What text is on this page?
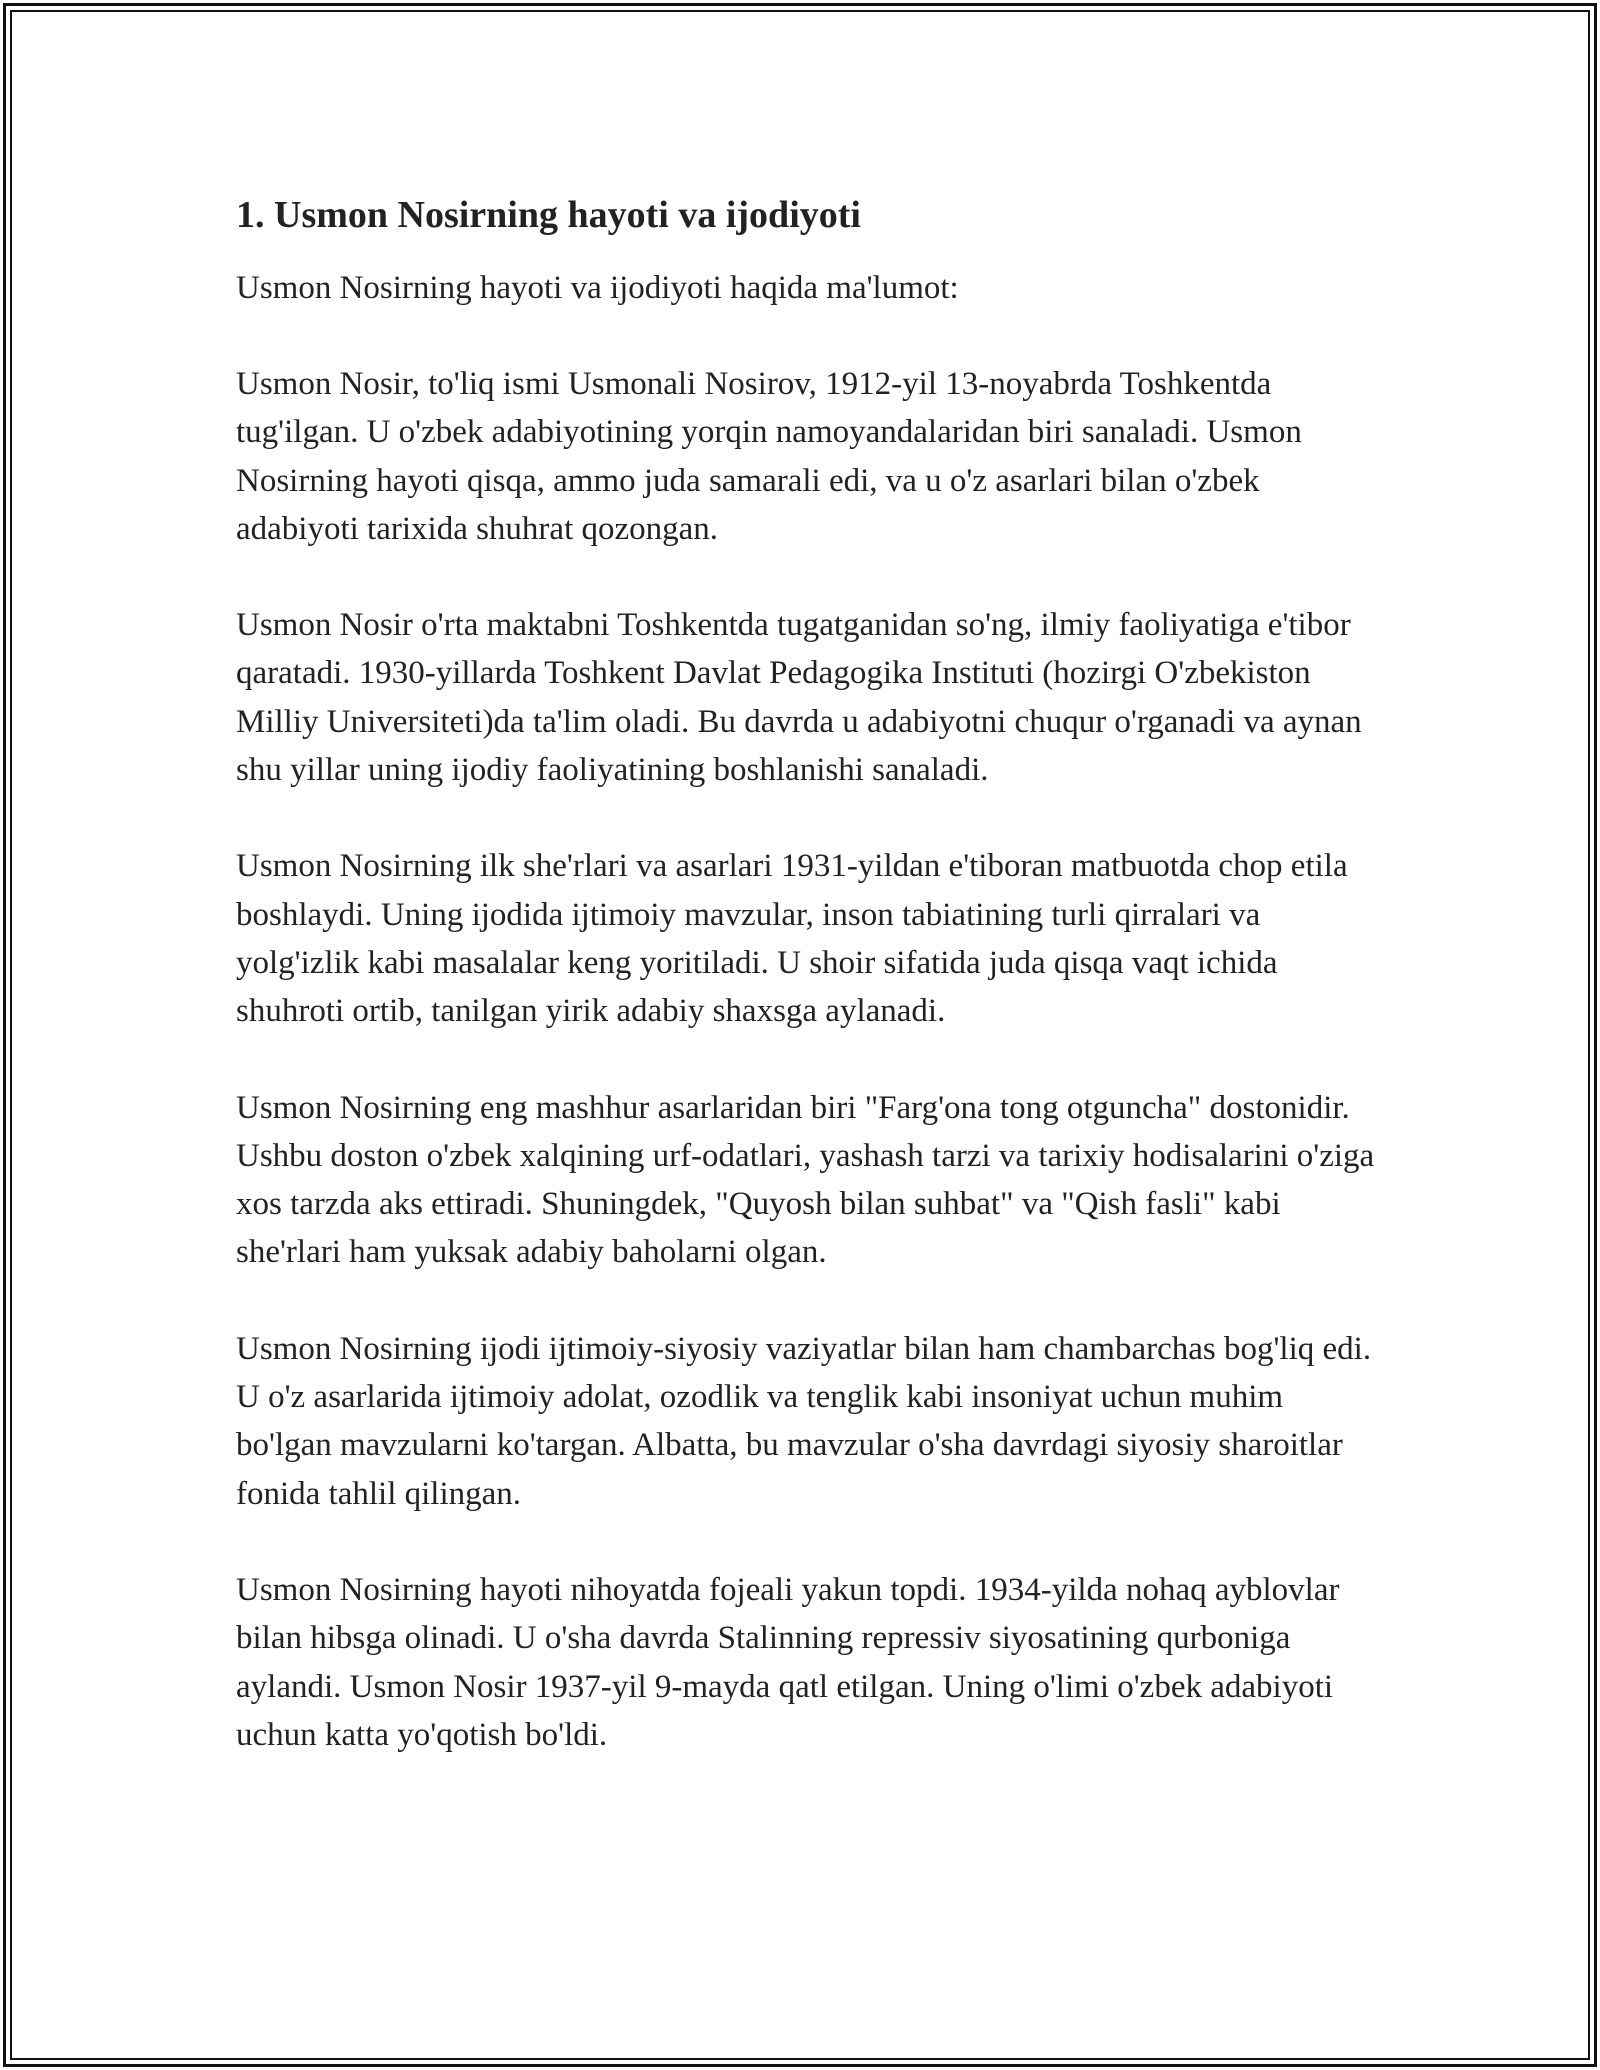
1. Usmon Nosirning hayoti va ijodiyoti

Usmon Nosirning hayoti va ijodiyoti haqida ma'lumot:

Usmon Nosir, to'liq ismi Usmonali Nosirov, 1912-yil 13-noyabrda Toshkentda tug'ilgan. U o'zbek adabiyotining yorqin namoyandalaridan biri sanaladi. Usmon Nosirning hayoti qisqa, ammo juda samarali edi, va u o'z asarlari bilan o'zbek adabiyoti tarixida shuhrat qozongan.

Usmon Nosir o'rta maktabni Toshkentda tugatganidan so'ng, ilmiy faoliyatiga e'tibor qaratadi. 1930-yillarda Toshkent Davlat Pedagogika Instituti (hozirgi O'zbekiston Milliy Universiteti)da ta'lim oladi. Bu davrda u adabiyotni chuqur o'rganadi va aynan shu yillar uning ijodiy faoliyatining boshlanishi sanaladi.

Usmon Nosirning ilk she'rlari va asarlari 1931-yildan e'tiboran matbuotda chop etila boshlaydi. Uning ijodida ijtimoiy mavzular, inson tabiatining turli qirralari va yolg'izlik kabi masalalar keng yoritiladi. U shoir sifatida juda qisqa vaqt ichida shuhroti ortib, tanilgan yirik adabiy shaxsga aylanadi.

Usmon Nosirning eng mashhur asarlaridan biri "Farg'ona tong otguncha" dostonidir. Ushbu doston o'zbek xalqining urf-odatlari, yashash tarzi va tarixiy hodisalarini o'ziga xos tarzda aks ettiradi. Shuningdek, "Quyosh bilan suhbat" va "Qish fasli" kabi she'rlari ham yuksak adabiy baholarni olgan.

Usmon Nosirning ijodi ijtimoiy-siyosiy vaziyatlar bilan ham chambarchas bog'liq edi. U o'z asarlarida ijtimoiy adolat, ozodlik va tenglik kabi insoniyat uchun muhim bo'lgan mavzularni ko'targan. Albatta, bu mavzular o'sha davrdagi siyosiy sharoitlar fonida tahlil qilingan.

Usmon Nosirning hayoti nihoyatda fojeali yakun topdi. 1934-yilda nohaq ayblovlar bilan hibsga olinadi. U o'sha davrda Stalinning repressiv siyosatining qurboniga aylandi. Usmon Nosir 1937-yil 9-mayda qatl etilgan. Uning o'limi o'zbek adabiyoti uchun katta yo'qotish bo'ldi.
